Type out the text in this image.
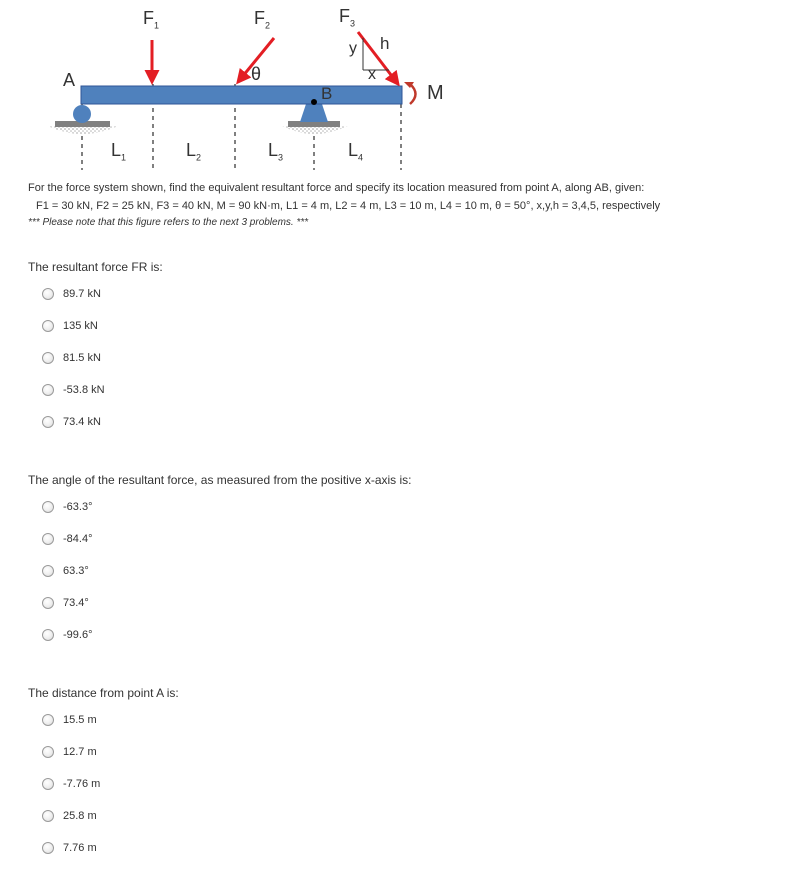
$F_1$	$F_2$	$F_3$
y h
x
θ
A
B	M
$L_1$	$L_2$	$L_3$	$L_4$
For the force system shown, find the equivalent resultant force and specify its location measured from point A, along AB, given:
F1 = 30 kN, F2 = 25 kN, F3 = 40 kN, M = 90 kN·m, L1 = 4 m, L2 = 4 m, L3 = 10 m, L4 = 10 m, θ = 50°, x,y,h = 3,4,5, respectively
*** Please note that this figure refers to the next 3 problems. ***
The resultant force FR is:
89.7 kN
135 kN
81.5 kN
-53.8 kN
73.4 kN
The angle of the resultant force, as measured from the positive x-axis is:
-63.3°
-84.4°
63.3°
73.4°
-99.6°
The distance from point A is:
15.5 m
12.7 m
-7.76 m
25.8 m
7.76 m
